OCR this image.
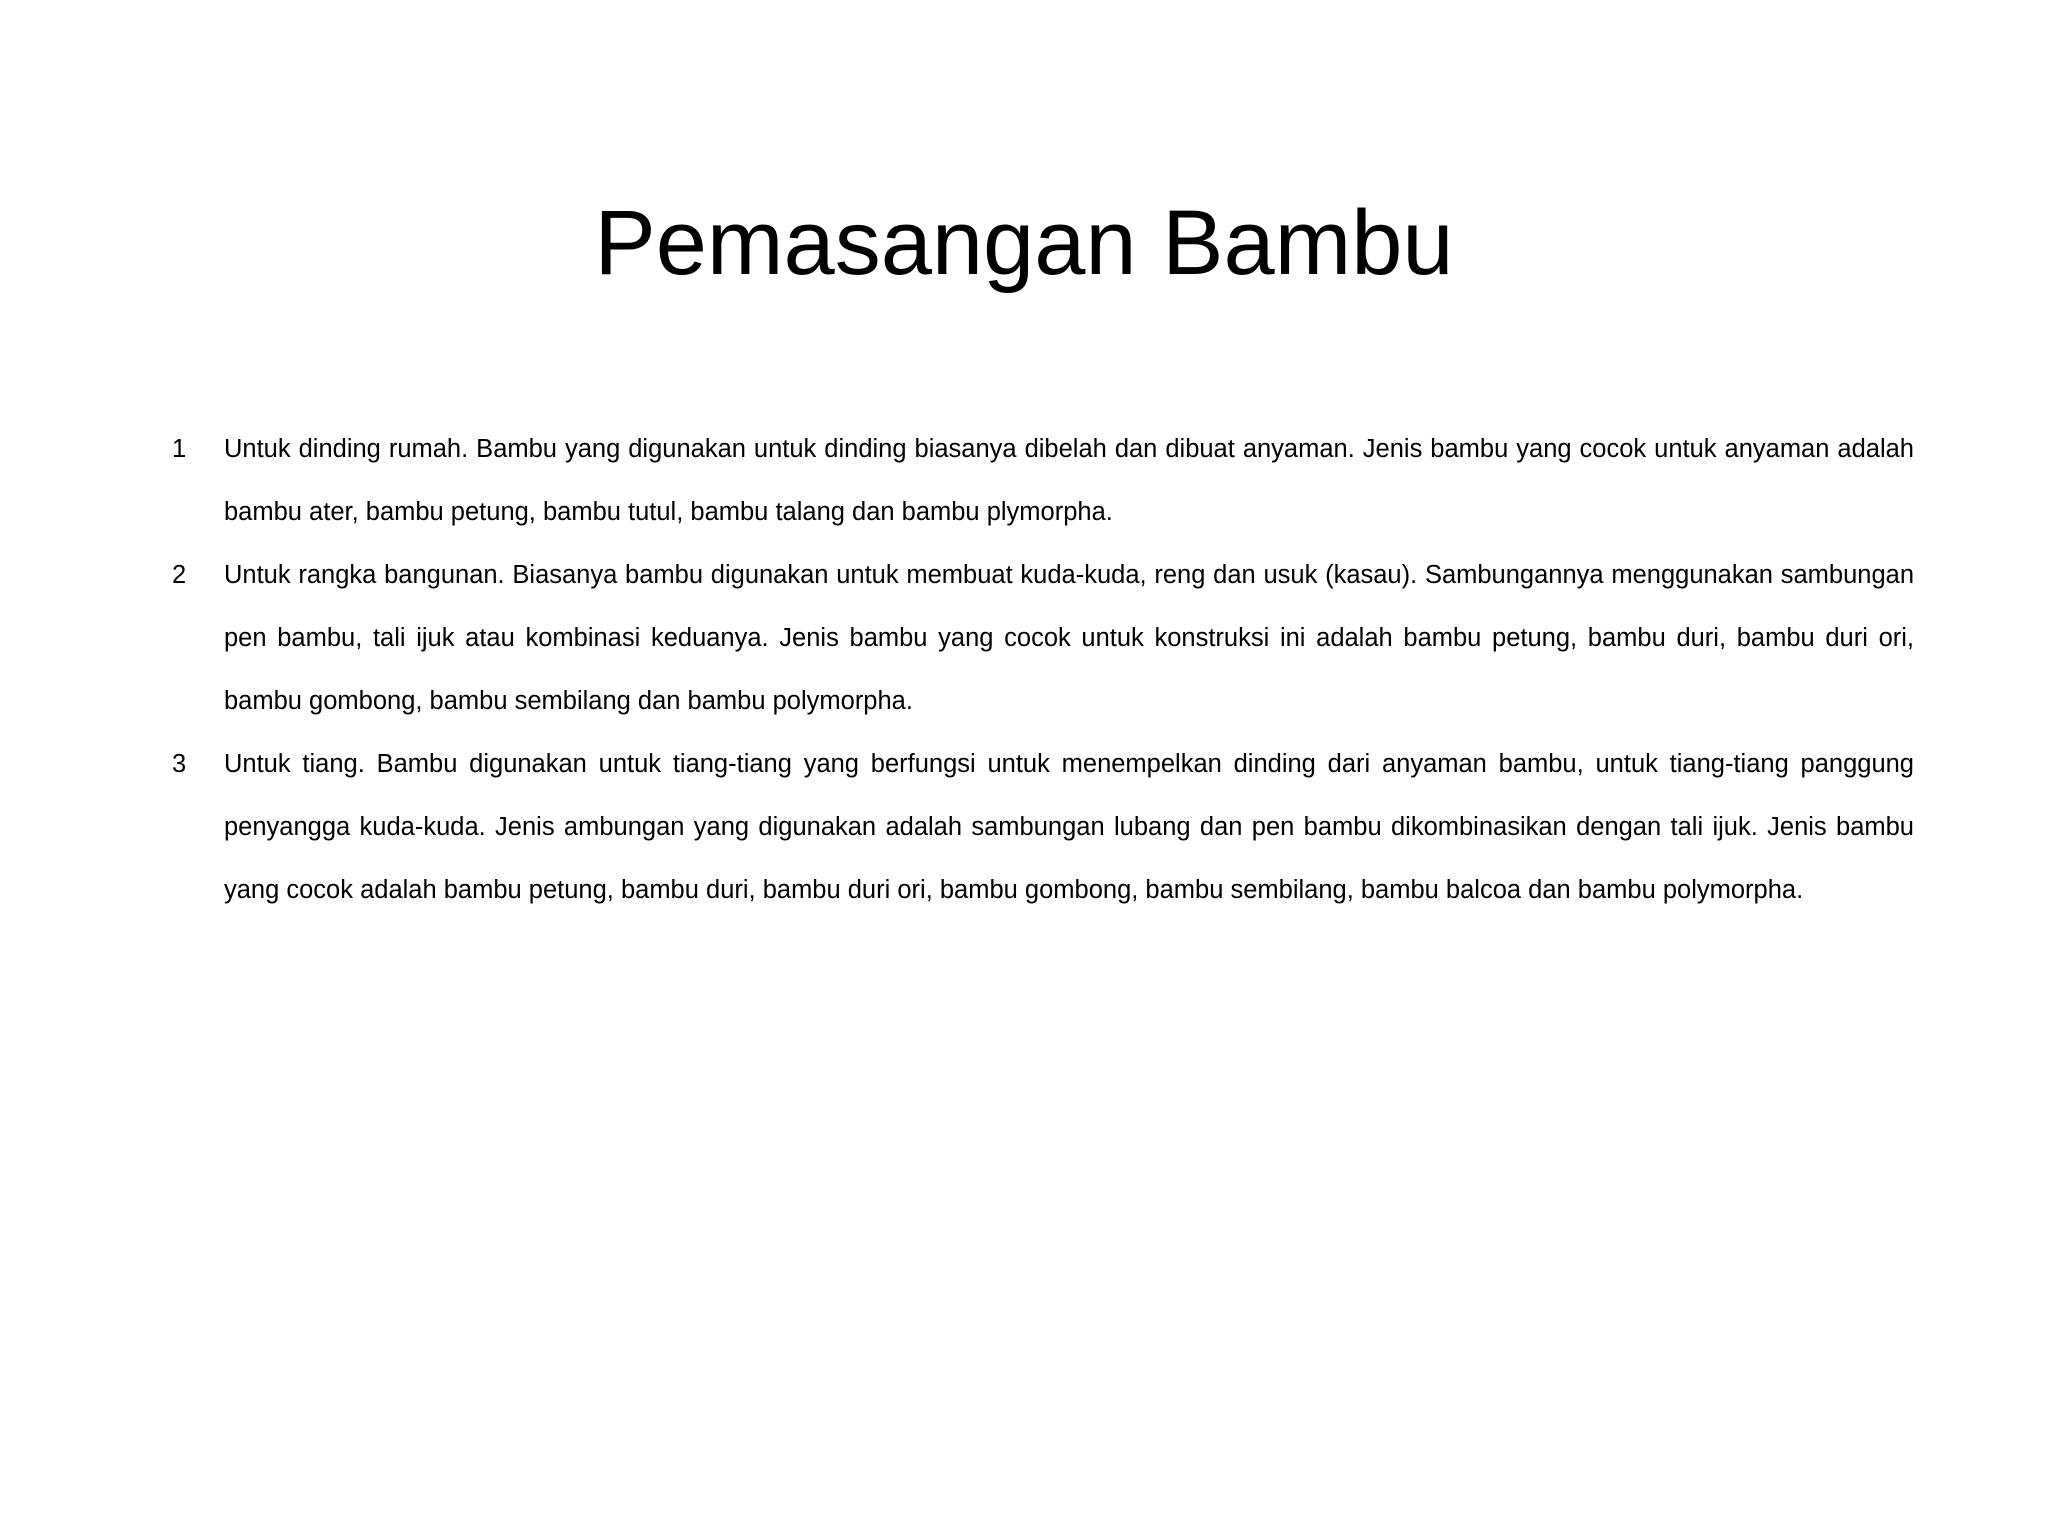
Pemasangan Bambu
1	Untuk dinding rumah. Bambu yang digunakan untuk dinding biasanya dibelah dan dibuat anyaman. Jenis bambu yang cocok untuk anyaman adalah bambu ater, bambu petung, bambu tutul, bambu talang dan bambu plymorpha.
2	Untuk rangka bangunan. Biasanya bambu digunakan untuk membuat kuda-kuda, reng dan usuk (kasau). Sambungannya menggunakan sambungan pen bambu, tali ijuk atau kombinasi keduanya. Jenis bambu yang cocok untuk konstruksi ini adalah bambu petung, bambu duri, bambu duri ori, bambu gombong, bambu sembilang dan bambu polymorpha.
3	Untuk tiang. Bambu digunakan untuk tiang-tiang yang berfungsi untuk menempelkan dinding dari anyaman bambu, untuk tiang-tiang panggung penyangga kuda-kuda. Jenis ambungan yang digunakan adalah sambungan lubang dan pen bambu dikombinasikan dengan tali ijuk. Jenis bambu yang cocok adalah bambu petung, bambu duri, bambu duri ori, bambu gombong, bambu sembilang, bambu balcoa dan bambu polymorpha.
